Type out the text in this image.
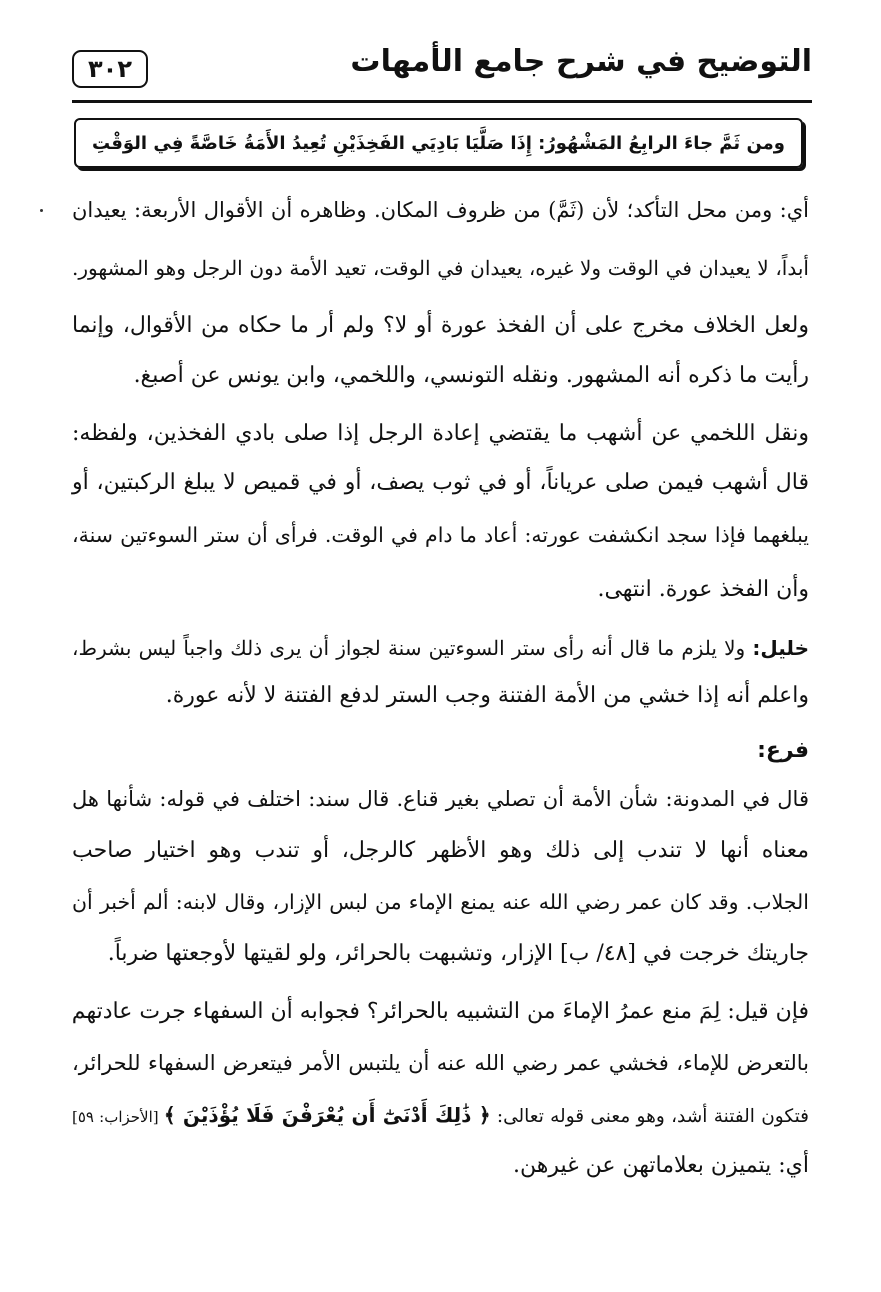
التوضيح في شرح جامع الأمهات
٣٠٢
ومن ثَمَّ جاءَ الرابِعُ المَشْهُورُ: إِذَا صَلَّيَا بَادِيَي الفَخِذَيْنِ تُعِيدُ الأَمَةُ خَاصَّةً فِي الوَقْتِ
أي: ومن محل التأكد؛ لأن (ثَمَّ) من ظروف المكان. وظاهره أن الأقوال الأربعة: يعيدان
أبداً، لا يعيدان في الوقت ولا غيره، يعيدان في الوقت، تعيد الأمة دون الرجل وهو المشهور.
ولعل الخلاف مخرج على أن الفخذ عورة أو لا؟ ولم أر ما حكاه من الأقوال، وإنما
رأيت ما ذكره أنه المشهور. ونقله التونسي، واللخمي، وابن يونس عن أصبغ.
ونقل اللخمي عن أشهب ما يقتضي إعادة الرجل إذا صلى بادي الفخذين، ولفظه:
قال أشهب فيمن صلى عرياناً، أو في ثوب يصف، أو في قميص لا يبلغ الركبتين، أو
يبلغهما فإذا سجد انكشفت عورته: أعاد ما دام في الوقت. فرأى أن ستر السوءتين سنة،
وأن الفخذ عورة. انتهى.
خليل: ولا يلزم ما قال أنه رأى ستر السوءتين سنة لجواز أن يرى ذلك واجباً ليس بشرط،
واعلم أنه إذا خشي من الأمة الفتنة وجب الستر لدفع الفتنة لا لأنه عورة.
فرع:
قال في المدونة: شأن الأمة أن تصلي بغير قناع. قال سند: اختلف في قوله: شأنها هل
معناه أنها لا تندب إلى ذلك وهو الأظهر كالرجل، أو تندب وهو اختيار صاحب
الجلاب. وقد كان عمر رضي الله عنه يمنع الإماء من لبس الإزار، وقال لابنه: ألم أخبر أن
جاريتك خرجت في [٤٨/ ب] الإزار، وتشبهت بالحرائر، ولو لقيتها لأوجعتها ضرباً.
فإن قيل: لِمَ منع عمرُ الإماءَ من التشبيه بالحرائر؟ فجوابه أن السفهاء جرت عادتهم
بالتعرض للإماء، فخشي عمر رضي الله عنه أن يلتبس الأمر فيتعرض السفهاء للحرائر،
فتكون الفتنة أشد، وهو معنى قوله تعالى: ﴿ ذَٰلِكَ أَدْنَىٰٓ أَن يُعْرَفْنَ فَلَا يُؤْذَيْنَ ﴾ [الأحزاب: ٥٩]
أي: يتميزن بعلاماتهن عن غيرهن.
